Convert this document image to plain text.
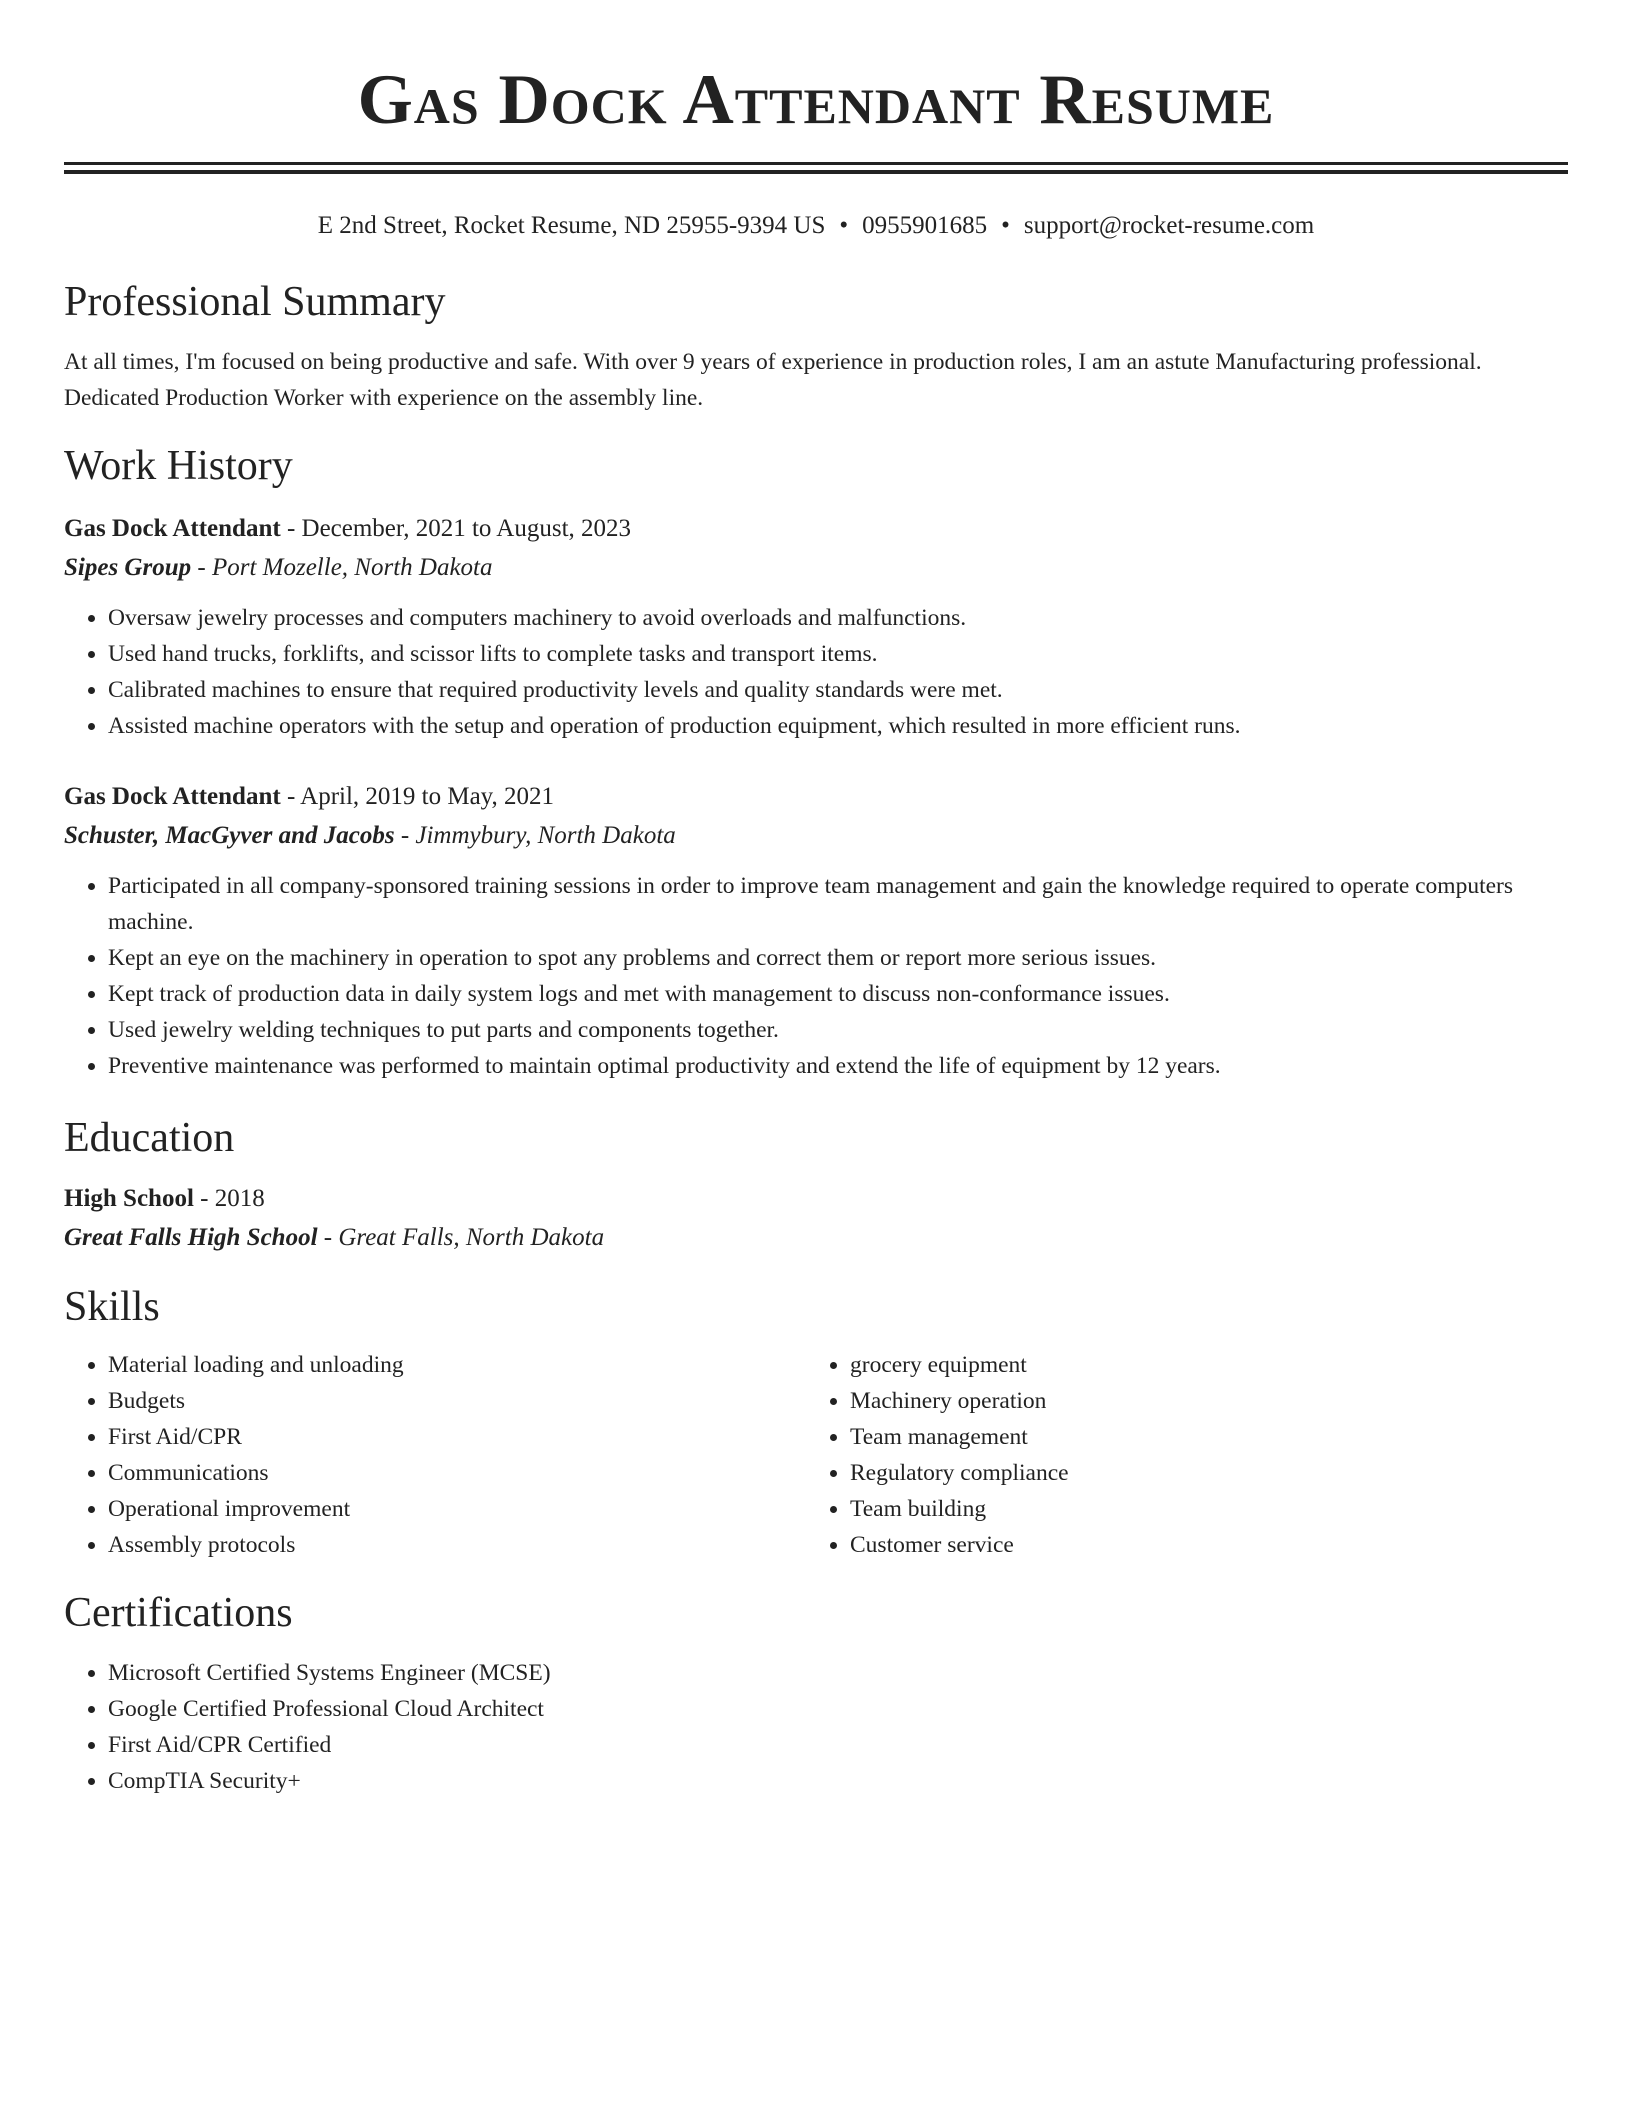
Gas Dock Attendant Resume
E 2nd Street, Rocket Resume, ND 25955-9394 US • 0955901685 • support@rocket-resume.com
Professional Summary
At all times, I'm focused on being productive and safe. With over 9 years of experience in production roles, I am an astute Manufacturing professional. Dedicated Production Worker with experience on the assembly line.
Work History
Gas Dock Attendant - December, 2021 to August, 2023
Sipes Group - Port Mozelle, North Dakota
• Oversaw jewelry processes and computers machinery to avoid overloads and malfunctions.
• Used hand trucks, forklifts, and scissor lifts to complete tasks and transport items.
• Calibrated machines to ensure that required productivity levels and quality standards were met.
• Assisted machine operators with the setup and operation of production equipment, which resulted in more efficient runs.
Gas Dock Attendant - April, 2019 to May, 2021
Schuster, MacGyver and Jacobs - Jimmybury, North Dakota
• Participated in all company-sponsored training sessions in order to improve team management and gain the knowledge required to operate computers machine.
• Kept an eye on the machinery in operation to spot any problems and correct them or report more serious issues.
• Kept track of production data in daily system logs and met with management to discuss non-conformance issues.
• Used jewelry welding techniques to put parts and components together.
• Preventive maintenance was performed to maintain optimal productivity and extend the life of equipment by 12 years.
Education
High School - 2018
Great Falls High School - Great Falls, North Dakota
Skills
• Material loading and unloading
• Budgets
• First Aid/CPR
• Communications
• Operational improvement
• Assembly protocols
• grocery equipment
• Machinery operation
• Team management
• Regulatory compliance
• Team building
• Customer service
Certifications
• Microsoft Certified Systems Engineer (MCSE)
• Google Certified Professional Cloud Architect
• First Aid/CPR Certified
• CompTIA Security+
